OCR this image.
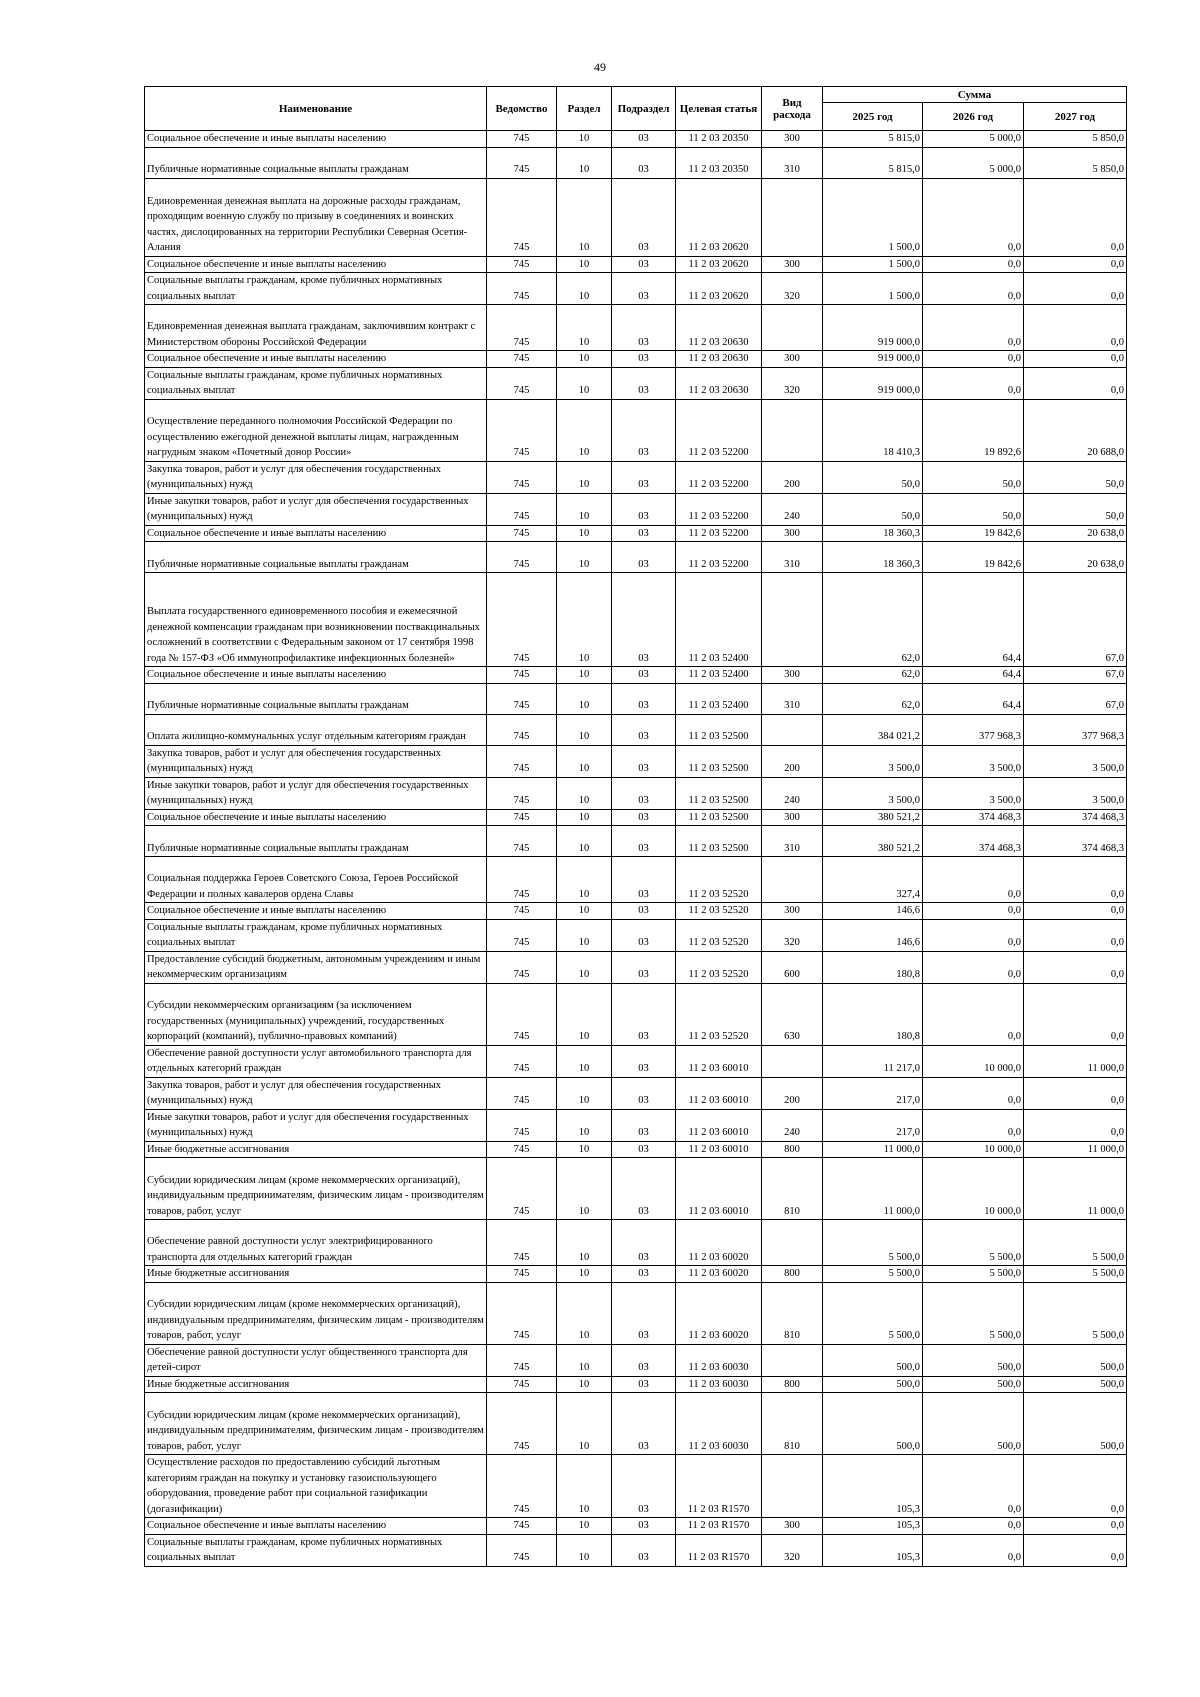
49
Наименование	Ведомство	Раздел	Подраздел	Целевая статья	Вид расхода	Сумма		
						2025 год	2026 год	2027 год
Социальное обеспечение и иные выплаты населению	745	10	03	11 2 03 20350	300	5 815,0	5 000,0	5 850,0
Публичные нормативные социальные выплаты гражданам	745	10	03	11 2 03 20350	310	5 815,0	5 000,0	5 850,0
Единовременная денежная выплата на дорожные расходы гражданам, проходящим военную службу по призыву в соединениях и воинских частях, дислоцированных на территории Республики Северная Осетия-Алания	745	10	03	11 2 03 20620		1 500,0	0,0	0,0
Социальное обеспечение и иные выплаты населению	745	10	03	11 2 03 20620	300	1 500,0	0,0	0,0
Социальные выплаты гражданам, кроме публичных нормативных социальных выплат	745	10	03	11 2 03 20620	320	1 500,0	0,0	0,0
Единовременная денежная выплата гражданам, заключившим контракт с Министерством обороны Российской Федерации	745	10	03	11 2 03 20630		919 000,0	0,0	0,0
Социальное обеспечение и иные выплаты населению	745	10	03	11 2 03 20630	300	919 000,0	0,0	0,0
Социальные выплаты гражданам, кроме публичных нормативных социальных выплат	745	10	03	11 2 03 20630	320	919 000,0	0,0	0,0
Осуществление переданного полномочия Российской Федерации по осуществлению ежегодной денежной выплаты лицам, награжденным нагрудным знаком «Почетный донор России»	745	10	03	11 2 03 52200		18 410,3	19 892,6	20 688,0
Закупка товаров, работ и услуг для обеспечения государственных (муниципальных) нужд	745	10	03	11 2 03 52200	200	50,0	50,0	50,0
Иные закупки товаров, работ и услуг для обеспечения государственных (муниципальных) нужд	745	10	03	11 2 03 52200	240	50,0	50,0	50,0
Социальное обеспечение и иные выплаты населению	745	10	03	11 2 03 52200	300	18 360,3	19 842,6	20 638,0
Публичные нормативные социальные выплаты гражданам	745	10	03	11 2 03 52200	310	18 360,3	19 842,6	20 638,0
Выплата государственного единовременного пособия и ежемесячной денежной компенсации гражданам при возникновении поствакцинальных осложнений в соответствии с Федеральным законом от 17 сентября 1998 года № 157-ФЗ «Об иммунопрофилактике инфекционных болезней»	745	10	03	11 2 03 52400		62,0	64,4	67,0
Социальное обеспечение и иные выплаты населению	745	10	03	11 2 03 52400	300	62,0	64,4	67,0
Публичные нормативные социальные выплаты гражданам	745	10	03	11 2 03 52400	310	62,0	64,4	67,0
Оплата жилищно-коммунальных услуг отдельным категориям граждан	745	10	03	11 2 03 52500		384 021,2	377 968,3	377 968,3
Закупка товаров, работ и услуг для обеспечения государственных (муниципальных) нужд	745	10	03	11 2 03 52500	200	3 500,0	3 500,0	3 500,0
Иные закупки товаров, работ и услуг для обеспечения государственных (муниципальных) нужд	745	10	03	11 2 03 52500	240	3 500,0	3 500,0	3 500,0
Социальное обеспечение и иные выплаты населению	745	10	03	11 2 03 52500	300	380 521,2	374 468,3	374 468,3
Публичные нормативные социальные выплаты гражданам	745	10	03	11 2 03 52500	310	380 521,2	374 468,3	374 468,3
Социальная поддержка Героев Советского Союза, Героев Российской Федерации и полных кавалеров ордена Славы	745	10	03	11 2 03 52520		327,4	0,0	0,0
Социальное обеспечение и иные выплаты населению	745	10	03	11 2 03 52520	300	146,6	0,0	0,0
Социальные выплаты гражданам, кроме публичных нормативных социальных выплат	745	10	03	11 2 03 52520	320	146,6	0,0	0,0
Предоставление субсидий бюджетным, автономным учреждениям и иным некоммерческим организациям	745	10	03	11 2 03 52520	600	180,8	0,0	0,0
Субсидии некоммерческим организациям (за исключением государственных (муниципальных) учреждений, государственных корпораций (компаний), публично-правовых компаний)	745	10	03	11 2 03 52520	630	180,8	0,0	0,0
Обеспечение равной доступности услуг автомобильного транспорта для отдельных категорий граждан	745	10	03	11 2 03 60010		11 217,0	10 000,0	11 000,0
Закупка товаров, работ и услуг для обеспечения государственных (муниципальных) нужд	745	10	03	11 2 03 60010	200	217,0	0,0	0,0
Иные закупки товаров, работ и услуг для обеспечения государственных (муниципальных) нужд	745	10	03	11 2 03 60010	240	217,0	0,0	0,0
Иные бюджетные ассигнования	745	10	03	11 2 03 60010	800	11 000,0	10 000,0	11 000,0
Субсидии юридическим лицам (кроме некоммерческих организаций), индивидуальным предпринимателям, физическим лицам - производителям товаров, работ, услуг	745	10	03	11 2 03 60010	810	11 000,0	10 000,0	11 000,0
Обеспечение равной доступности услуг электрифицированного транспорта для отдельных категорий граждан	745	10	03	11 2 03 60020		5 500,0	5 500,0	5 500,0
Иные бюджетные ассигнования	745	10	03	11 2 03 60020	800	5 500,0	5 500,0	5 500,0
Субсидии юридическим лицам (кроме некоммерческих организаций), индивидуальным предпринимателям, физическим лицам - производителям товаров, работ, услуг	745	10	03	11 2 03 60020	810	5 500,0	5 500,0	5 500,0
Обеспечение равной доступности услуг общественного транспорта для детей-сирот	745	10	03	11 2 03 60030		500,0	500,0	500,0
Иные бюджетные ассигнования	745	10	03	11 2 03 60030	800	500,0	500,0	500,0
Субсидии юридическим лицам (кроме некоммерческих организаций), индивидуальным предпринимателям, физическим лицам - производителям товаров, работ, услуг	745	10	03	11 2 03 60030	810	500,0	500,0	500,0
Осуществление расходов по предоставлению субсидий льготным категориям граждан на покупку и установку газоиспользующего оборудования, проведение работ при социальной газификации (догазификации)	745	10	03	11 2 03 R1570		105,3	0,0	0,0
Социальное обеспечение и иные выплаты населению	745	10	03	11 2 03 R1570	300	105,3	0,0	0,0
Социальные выплаты гражданам, кроме публичных нормативных социальных выплат	745	10	03	11 2 03 R1570	320	105,3	0,0	0,0
